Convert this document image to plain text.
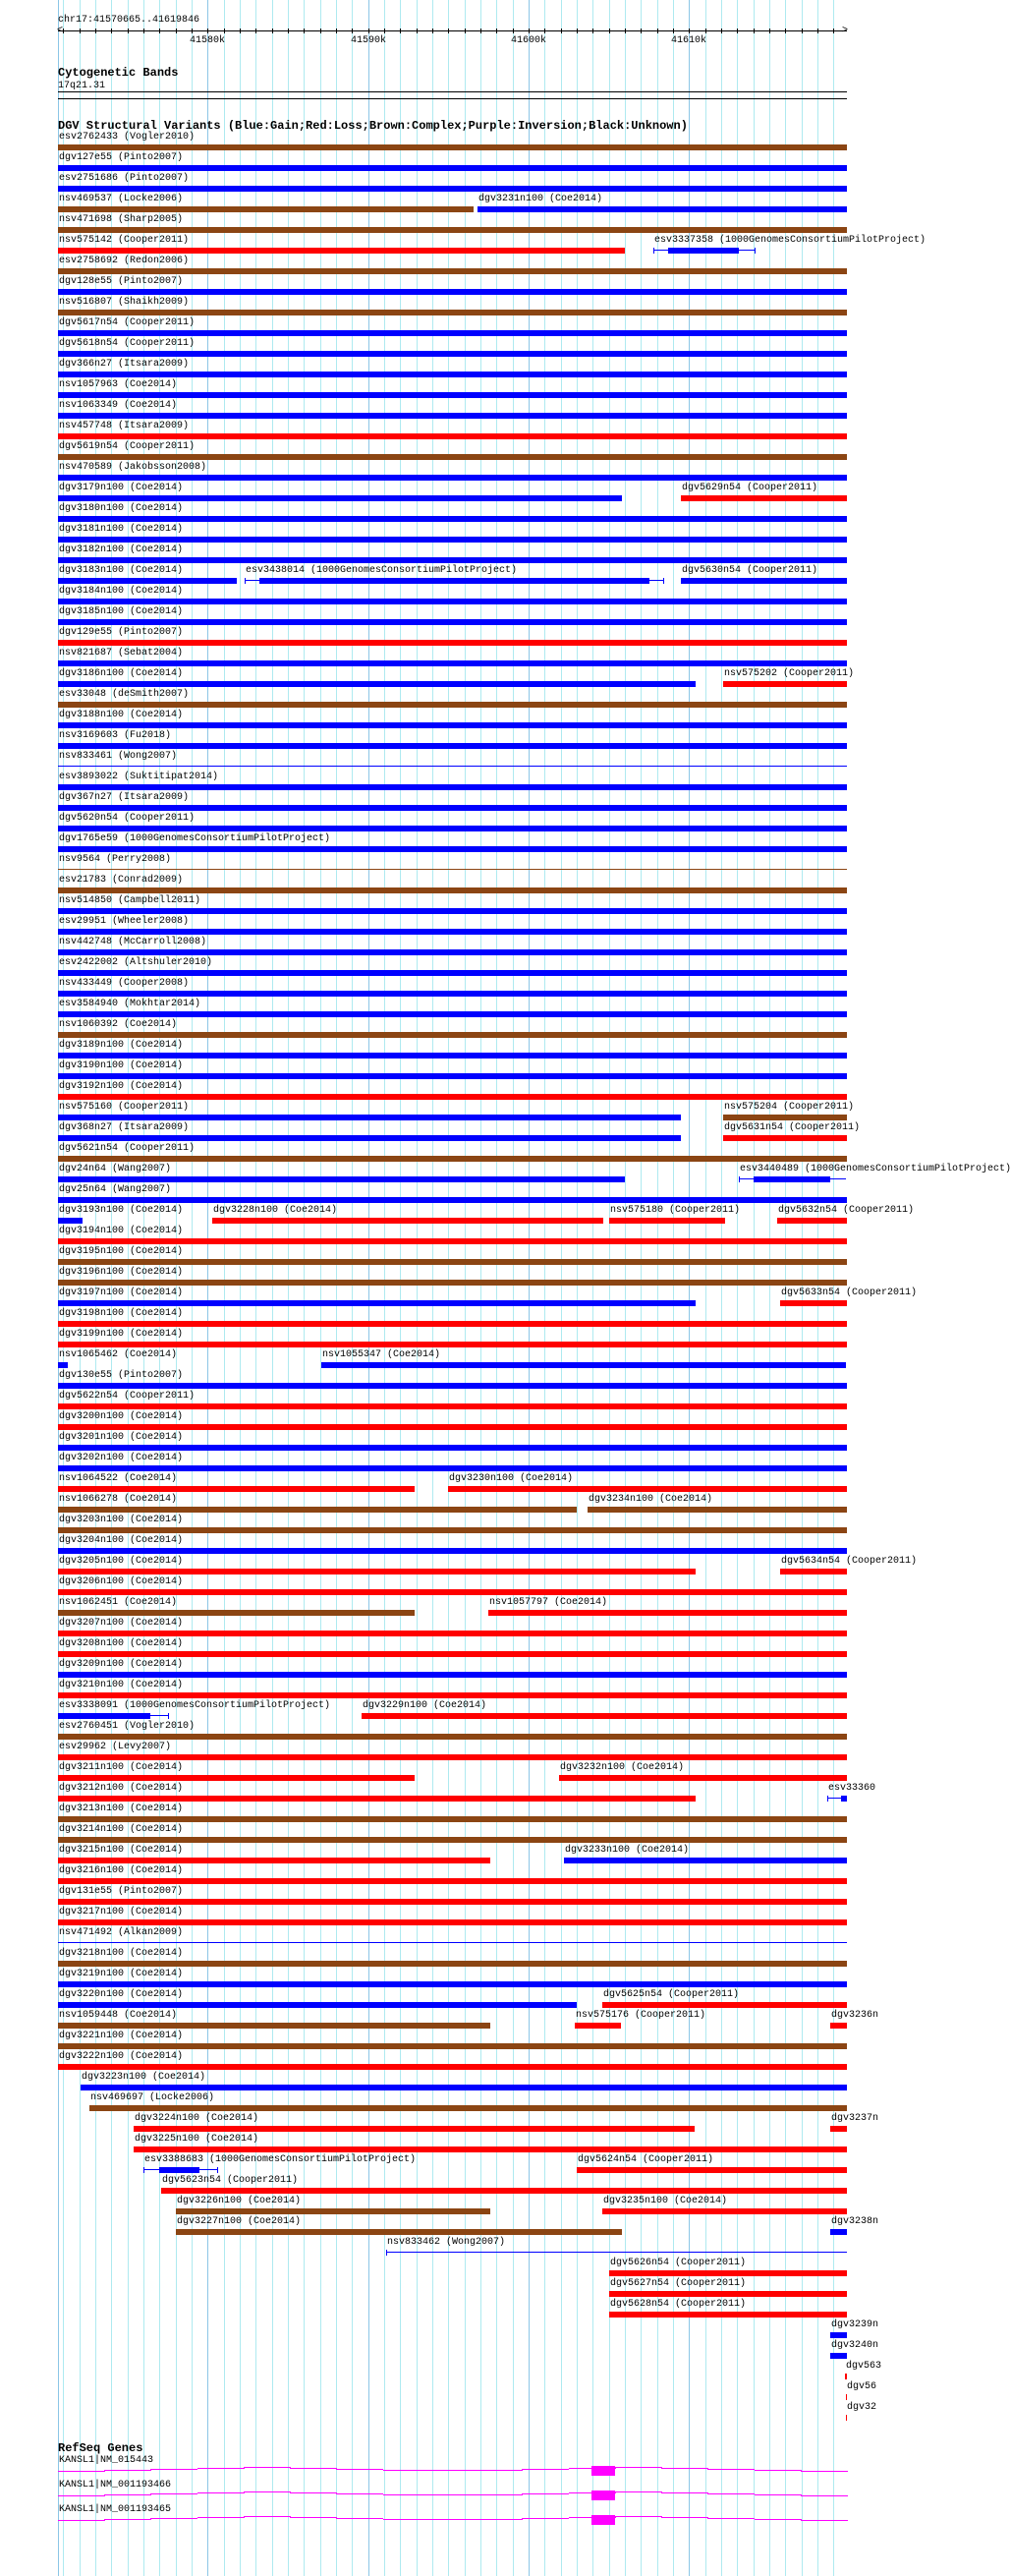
chr17:41570665..41619846
<	>
41580k	41590k	41600k	41610k
Cytogenetic Bands
17q21.31
DGV Structural Variants (Blue:Gain;Red:Loss;Brown:Complex;Purple:Inversion;Black:Unknown)
esv2762433 (Vogler2010)
dgv127e55 (Pinto2007)
esv2751686 (Pinto2007)
nsv469537 (Locke2006)	dgv3231n100 (Coe2014)
nsv471698 (Sharp2005)
nsv575142 (Cooper2011)	esv3337358 (1000GenomesConsortiumPilotProject)
esv2758692 (Redon2006)
dgv128e55 (Pinto2007)
nsv516807 (Shaikh2009)
dgv5617n54 (Cooper2011)
dgv5618n54 (Cooper2011)
dgv366n27 (Itsara2009)
nsv1057963 (Coe2014)
nsv1063349 (Coe2014)
nsv457748 (Itsara2009)
dgv5619n54 (Cooper2011)
nsv470589 (Jakobsson2008)
dgv3179n100 (Coe2014)	dgv5629n54 (Cooper2011)
dgv3180n100 (Coe2014)
dgv3181n100 (Coe2014)
dgv3182n100 (Coe2014)
dgv3183n100 (Coe2014)	esv3438014 (1000GenomesConsortiumPilotProject)	dgv5630n54 (Cooper2011)
dgv3184n100 (Coe2014)
dgv3185n100 (Coe2014)
dgv129e55 (Pinto2007)
nsv821687 (Sebat2004)
dgv3186n100 (Coe2014)	nsv575202 (Cooper2011)
esv33048 (deSmith2007)
dgv3188n100 (Coe2014)
nsv3169603 (Fu2018)
nsv833461 (Wong2007)
esv3893022 (Suktitipat2014)
dgv367n27 (Itsara2009)
dgv5620n54 (Cooper2011)
dgv1765e59 (1000GenomesConsortiumPilotProject)
nsv9564 (Perry2008)
esv21783 (Conrad2009)
nsv514850 (Campbell2011)
esv29951 (Wheeler2008)
nsv442748 (McCarroll2008)
esv2422002 (Altshuler2010)
nsv433449 (Cooper2008)
esv3584940 (Mokhtar2014)
nsv1060392 (Coe2014)
dgv3189n100 (Coe2014)
dgv3190n100 (Coe2014)
dgv3192n100 (Coe2014)
nsv575160 (Cooper2011)	nsv575204 (Cooper2011)
dgv368n27 (Itsara2009)	dgv5631n54 (Cooper2011)
dgv5621n54 (Cooper2011)
dgv24n64 (Wang2007)	esv3440489 (1000GenomesConsortiumPilotProject)
dgv25n64 (Wang2007)
dgv3193n100 (Coe2014)	dgv3228n100 (Coe2014)	nsv575180 (Cooper2011)	dgv5632n54 (Cooper2011)
dgv3194n100 (Coe2014)
dgv3195n100 (Coe2014)
dgv3196n100 (Coe2014)
dgv3197n100 (Coe2014)	dgv5633n54 (Cooper2011)
dgv3198n100 (Coe2014)
dgv3199n100 (Coe2014)
nsv1065462 (Coe2014)	nsv1055347 (Coe2014)
dgv130e55 (Pinto2007)
dgv5622n54 (Cooper2011)
dgv3200n100 (Coe2014)
dgv3201n100 (Coe2014)
dgv3202n100 (Coe2014)
nsv1064522 (Coe2014)	dgv3230n100 (Coe2014)
nsv1066278 (Coe2014)	dgv3234n100 (Coe2014)
dgv3203n100 (Coe2014)
dgv3204n100 (Coe2014)
dgv3205n100 (Coe2014)	dgv5634n54 (Cooper2011)
dgv3206n100 (Coe2014)
nsv1062451 (Coe2014)	nsv1057797 (Coe2014)
dgv3207n100 (Coe2014)
dgv3208n100 (Coe2014)
dgv3209n100 (Coe2014)
dgv3210n100 (Coe2014)
esv3338091 (1000GenomesConsortiumPilotProject)	dgv3229n100 (Coe2014)
esv2760451 (Vogler2010)
esv29962 (Levy2007)
dgv3211n100 (Coe2014)	dgv3232n100 (Coe2014)
dgv3212n100 (Coe2014)	esv33360
dgv3213n100 (Coe2014)
dgv3214n100 (Coe2014)
dgv3215n100 (Coe2014)	dgv3233n100 (Coe2014)
dgv3216n100 (Coe2014)
dgv131e55 (Pinto2007)
dgv3217n100 (Coe2014)
nsv471492 (Alkan2009)
dgv3218n100 (Coe2014)
dgv3219n100 (Coe2014)
dgv3220n100 (Coe2014)	dgv5625n54 (Cooper2011)
nsv1059448 (Coe2014)	nsv575176 (Cooper2011)	dgv3236n
dgv3221n100 (Coe2014)
dgv3222n100 (Coe2014)
dgv3223n100 (Coe2014)
nsv469697 (Locke2006)
dgv3224n100 (Coe2014)	dgv3237n
dgv3225n100 (Coe2014)
esv3388683 (1000GenomesConsortiumPilotProject)	dgv5624n54 (Cooper2011)
dgv5623n54 (Cooper2011)
dgv3226n100 (Coe2014)	dgv3235n100 (Coe2014)
dgv3227n100 (Coe2014)	dgv3238n
nsv833462 (Wong2007)
dgv5626n54 (Cooper2011)
dgv5627n54 (Cooper2011)
dgv5628n54 (Cooper2011)
dgv3239n
dgv3240n
dgv563
dgv56
dgv32
RefSeq Genes
KANSL1|NM_015443
KANSL1|NM_001193466
KANSL1|NM_001193465
